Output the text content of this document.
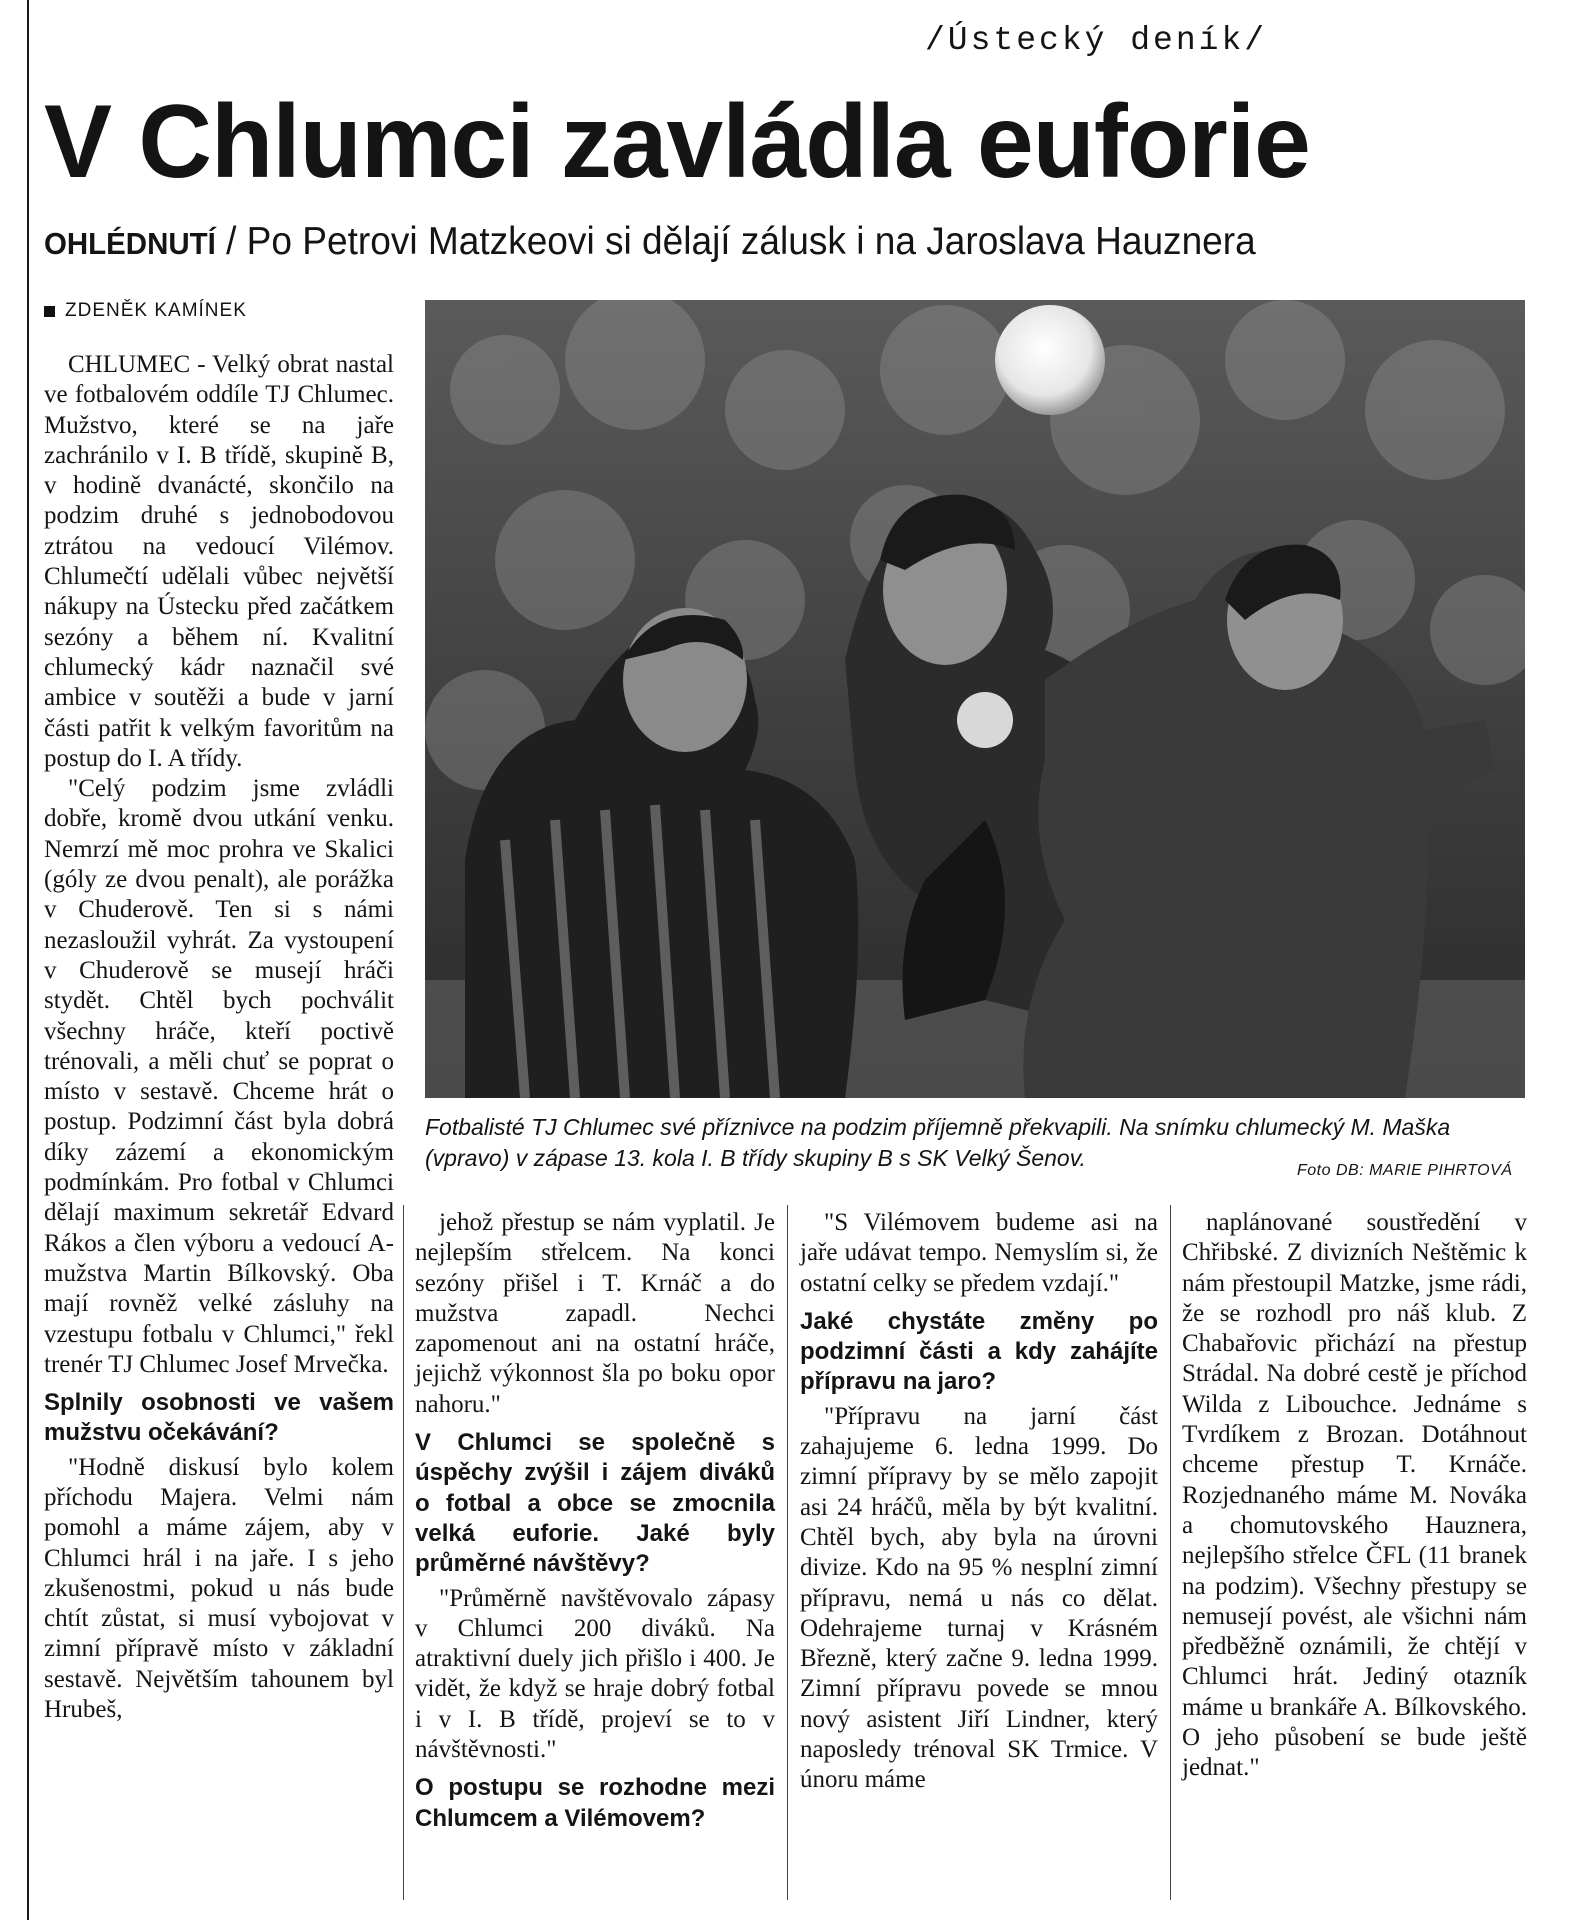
/Ústecký deník/
V Chlumci zavládla euforie
OHLÉDNUTÍ / Po Petrovi Matzkeovi si dělají zálusk i na Jaroslava Hauznera
ZDENĚK KAMÍNEK

CHLUMEC - Velký obrat nastal ve fotbalovém oddíle TJ Chlumec. Mužstvo, které se na jaře zachránilo v I. B třídě, skupině B, v hodině dvanácté, skončilo na podzim druhé s jednobodovou ztrátou na vedoucí Vilémov. Chlumečtí udělali vůbec největší nákupy na Ústecku před začátkem sezóny a během ní. Kvalitní chlumecký kádr naznačil své ambice v soutěži a bude v jarní části patřit k velkým favoritům na postup do I. A třídy.

"Celý podzim jsme zvládli dobře, kromě dvou utkání venku. Nemrzí mě moc prohra ve Skalici (góly ze dvou penalt), ale porážka v Chuderově. Ten si s námi nezasloužil vyhrát. Za vystoupení v Chuderově se musejí hráči stydět. Chtěl bych pochválit všechny hráče, kteří poctivě trénovali, a měli chuť se poprat o místo v sestavě. Chceme hrát o postup. Podzimní část byla dobrá díky zázemí a ekonomickým podmínkám. Pro fotbal v Chlumci dělají maximum sekretář Edvard Rákos a člen výboru a vedoucí A-mužstva Martin Bílkovský. Oba mají rovněž velké zásluhy na vzestupu fotbalu v Chlumci," řekl trenér TJ Chlumec Josef Mrvečka.

Splnily osobnosti ve vašem mužstvu očekávání?

"Hodně diskusí bylo kolem příchodu Majera. Velmi nám pomohl a máme zájem, aby v Chlumci hrál i na jaře. I s jeho zkušenostmi, pokud u nás bude chtít zůstat, si musí vybojovat v zimní přípravě místo v základní sestavě. Největším tahounem byl Hrubeš,

Fotbalisté TJ Chlumec své příznivce na podzim příjemně překvapili. Na snímku chlumecký M. Maška (vpravo) v zápase 13. kola I. B třídy skupiny B s SK Velký Šenov.	Foto DB: MARIE PIHRTOVÁ

jehož přestup se nám vyplatil. Je nejlepším střelcem. Na konci sezóny přišel i T. Krnáč a do mužstva zapadl. Nechci zapomenout ani na ostatní hráče, jejichž výkonnost šla po boku opor nahoru."

V Chlumci se společně s úspěchy zvýšil i zájem diváků o fotbal a obce se zmocnila velká euforie. Jaké byly průměrné návštěvy?

"Průměrně navštěvovalo zápasy v Chlumci 200 diváků. Na atraktivní duely jich přišlo i 400. Je vidět, že když se hraje dobrý fotbal i v I. B třídě, projeví se to v návštěvnosti."

O postupu se rozhodne mezi Chlumcem a Vilémovem?

"S Vilémovem budeme asi na jaře udávat tempo. Nemyslím si, že ostatní celky se předem vzdají."

Jaké chystáte změny po podzimní části a kdy zahájíte přípravu na jaro?

"Přípravu na jarní část zahajujeme 6. ledna 1999. Do zimní přípravy by se mělo zapojit asi 24 hráčů, měla by být kvalitní. Chtěl bych, aby byla na úrovni divize. Kdo na 95 % nesplní zimní přípravu, nemá u nás co dělat. Odehrajeme turnaj v Krásném Březně, který začne 9. ledna 1999. Zimní přípravu povede se mnou nový asistent Jiří Lindner, který naposledy trénoval SK Trmice. V únoru máme

naplánované soustředění v Chřibské. Z divizních Neštěmic k nám přestoupil Matzke, jsme rádi, že se rozhodl pro náš klub. Z Chabařovic přichází na přestup Strádal. Na dobré cestě je příchod Wilda z Libouchce. Jednáme s Tvrdíkem z Brozan. Dotáhnout chceme přestup T. Krnáče. Rozjednaného máme M. Nováka a chomutovského Hauznera, nejlepšího střelce ČFL (11 branek na podzim). Všechny přestupy se nemusejí povést, ale všichni nám předběžně oznámili, že chtějí v Chlumci hrát. Jediný otazník máme u brankáře A. Bílkovského. O jeho působení se bude ještě jednat."
